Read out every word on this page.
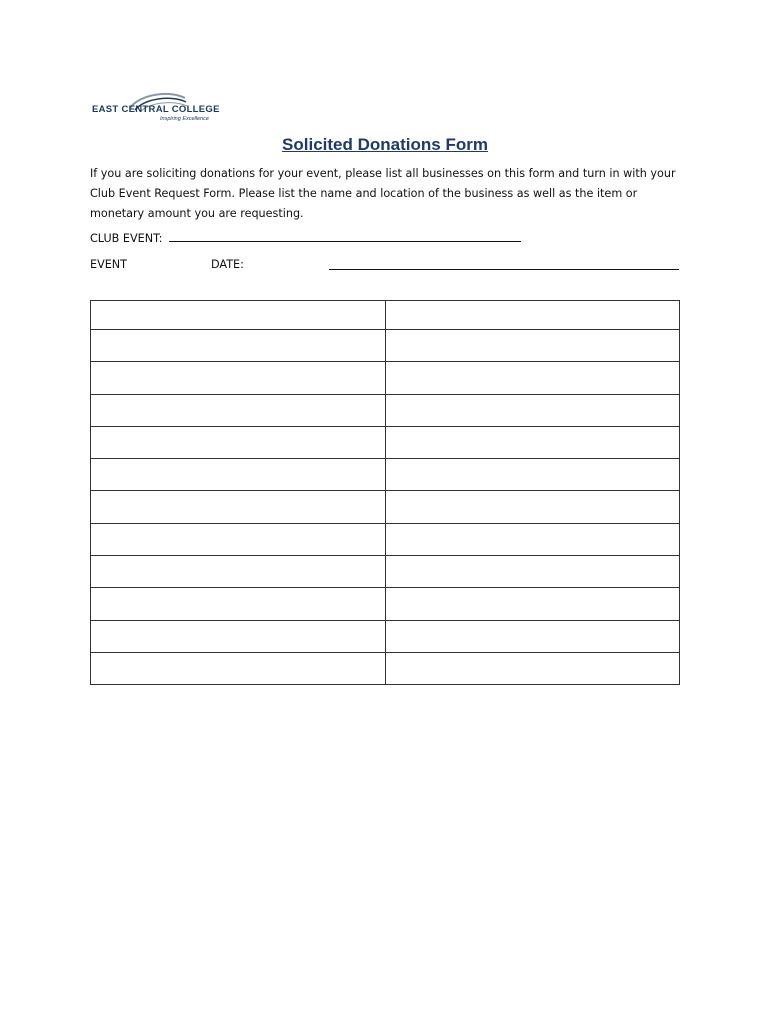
EAST CENTRAL COLLEGE
Inspiring Excellence
Solicited Donations Form
If you are soliciting donations for your event, please list all businesses on this form and turn in with your Club Event Request Form. Please list the name and location of the business as well as the item or monetary amount you are requesting.
CLUB EVENT:
EVENT	DATE:
